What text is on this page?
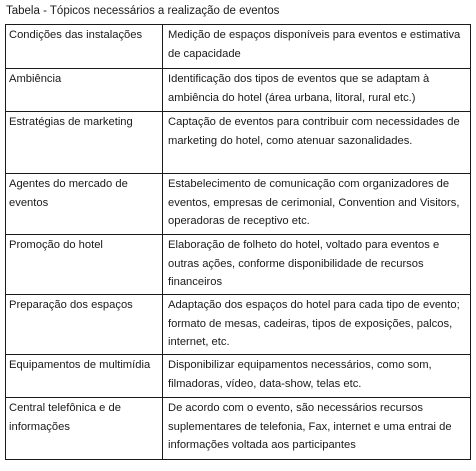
Tabela - Tópicos necessários a realização de eventos
Condições das instalações	Medição de espaços disponíveis para eventos e estimativa de capacidade
Ambiência	Identificação dos tipos de eventos que se adaptam à ambiência do hotel (área urbana, litoral, rural etc.)
Estratégias de marketing	Captação de eventos para contribuir com necessidades de marketing do hotel, como atenuar sazonalidades.
Agentes do mercado de eventos	Estabelecimento de comunicação com organizadores de eventos, empresas de cerimonial, Convention and Visitors, operadoras de receptivo etc.
Promoção do hotel	Elaboração de folheto do hotel, voltado para eventos e outras ações, conforme disponibilidade de recursos financeiros
Preparação dos espaços	Adaptação dos espaços do hotel para cada tipo de evento; formato de mesas, cadeiras, tipos de exposições, palcos, internet, etc.
Equipamentos de multimídia	Disponibilizar equipamentos necessários, como som, filmadoras, vídeo, data-show, telas etc.
Central telefônica e de informações	De acordo com o evento, são necessários recursos suplementares de telefonia, Fax, internet e uma entrai de informações voltada aos participantes
